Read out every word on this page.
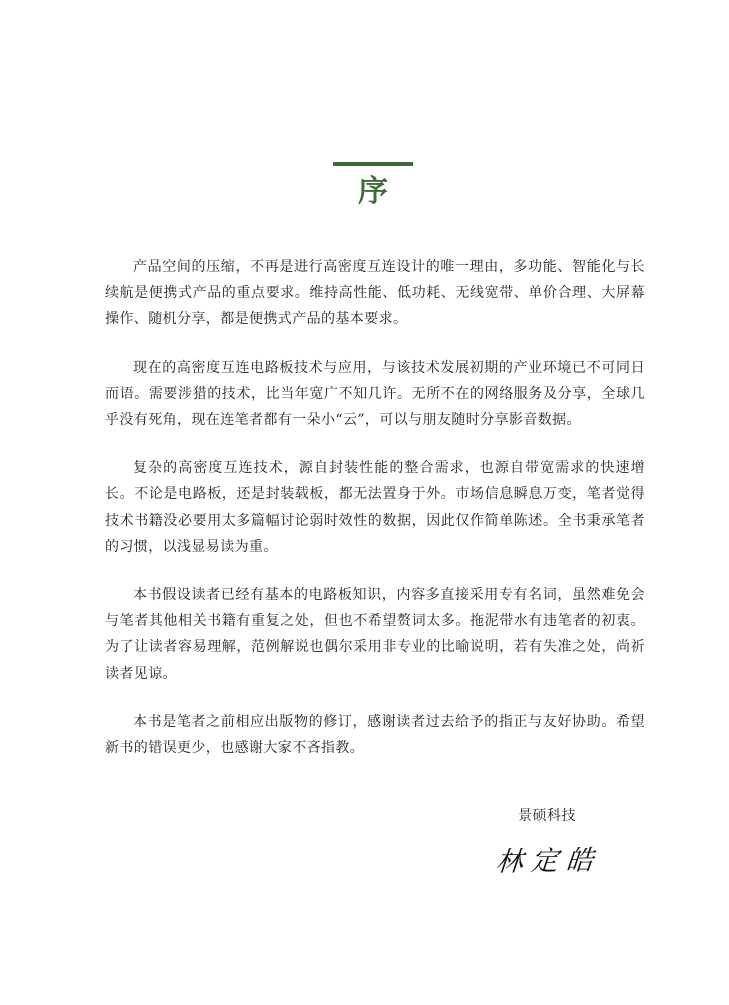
序

产品空间的压缩，不再是进行高密度互连设计的唯一理由，多功能、智能化与长续航是便携式产品的重点要求。维持高性能、低功耗、无线宽带、单价合理、大屏幕操作、随机分享，都是便携式产品的基本要求。

现在的高密度互连电路板技术与应用，与该技术发展初期的产业环境已不可同日而语。需要涉猎的技术，比当年宽广不知几许。无所不在的网络服务及分享，全球几乎没有死角，现在连笔者都有一朵小“云”，可以与朋友随时分享影音数据。

复杂的高密度互连技术，源自封装性能的整合需求，也源自带宽需求的快速增长。不论是电路板，还是封装载板，都无法置身于外。市场信息瞬息万变，笔者觉得技术书籍没必要用太多篇幅讨论弱时效性的数据，因此仅作简单陈述。全书秉承笔者的习惯，以浅显易读为重。

本书假设读者已经有基本的电路板知识，内容多直接采用专有名词，虽然难免会与笔者其他相关书籍有重复之处，但也不希望赘词太多。拖泥带水有违笔者的初衷。为了让读者容易理解，范例解说也偶尔采用非专业的比喻说明，若有失准之处，尚祈读者见谅。

本书是笔者之前相应出版物的修订，感谢读者过去给予的指正与友好协助。希望新书的错误更少，也感谢大家不吝指教。

景硕科技
林定皓
